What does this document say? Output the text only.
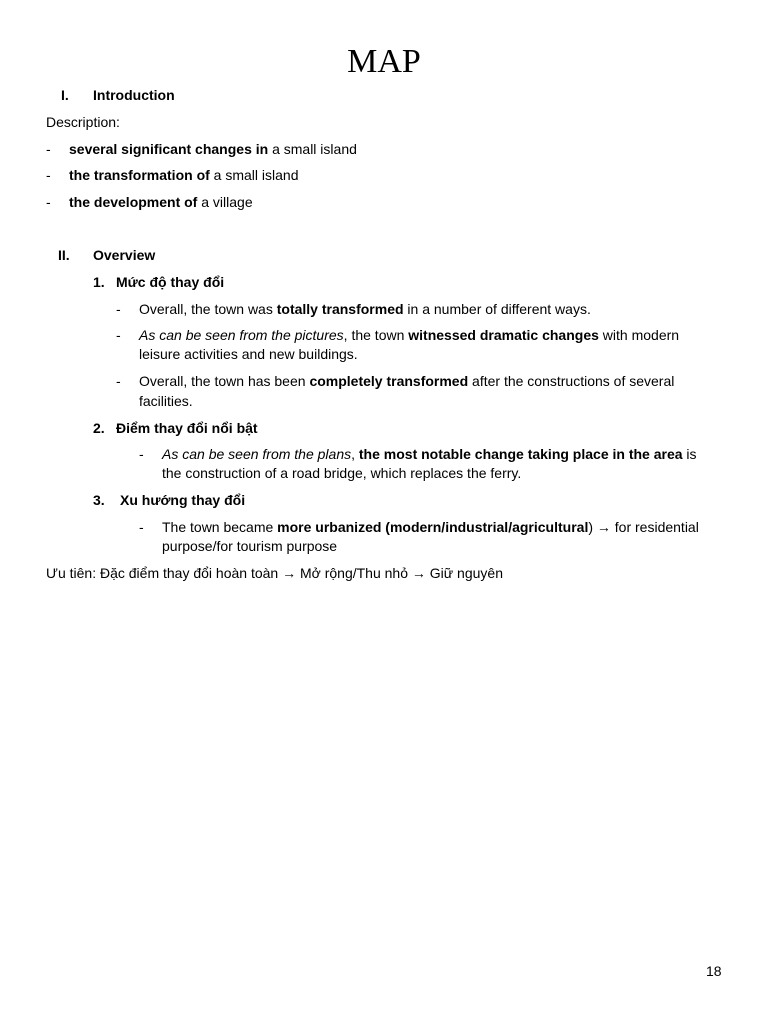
MAP
I. Introduction
Description:
- several significant changes in a small island
- the transformation of a small island
- the development of a village
II. Overview
1. Mức độ thay đổi
- Overall, the town was totally transformed in a number of different ways.
- As can be seen from the pictures, the town witnessed dramatic changes with modern
leisure activities and new buildings.
- Overall, the town has been completely transformed after the constructions of several
facilities.
2. Điểm thay đổi nổi bật
- As can be seen from the plans, the most notable change taking place in the area is
the construction of a road bridge, which replaces the ferry.
3. Xu hướng thay đổi
- The town became more urbanized (modern/industrial/agricultural) → for residential
purpose/for tourism purpose
Ưu tiên: Đặc điểm thay đổi hoàn toàn → Mở rộng/Thu nhỏ → Giữ nguyên
18
